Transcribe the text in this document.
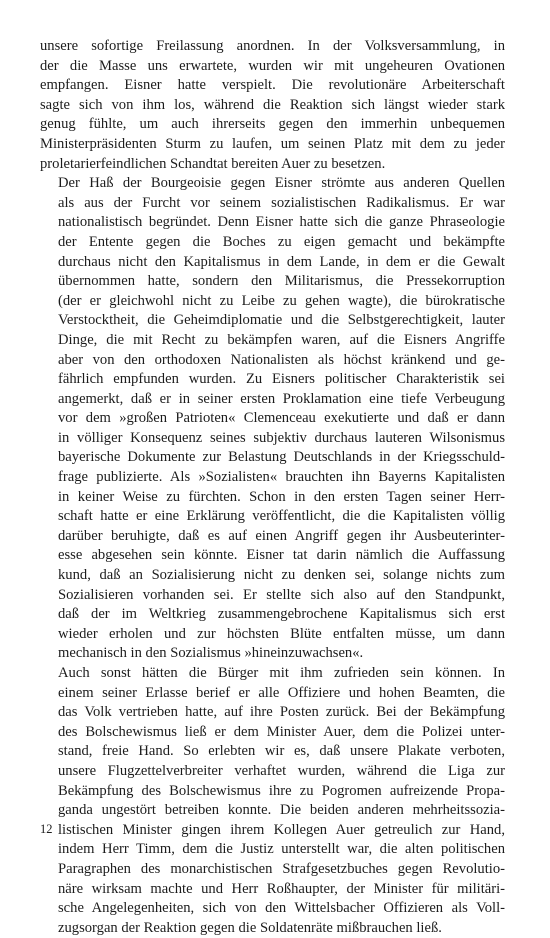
unsere sofortige Freilassung anordnen. In der Volksversammlung, in
der die Masse uns erwartete, wurden wir mit ungeheuren Ovationen
empfangen. Eisner hatte verspielt. Die revolutionäre Arbeiterschaft
sagte sich von ihm los, während die Reaktion sich längst wieder stark
genug fühlte, um auch ihrerseits gegen den immerhin unbequemen
Ministerpräsidenten Sturm zu laufen, um seinen Platz mit dem zu jeder
proletarierfeindlichen Schandtat bereiten Auer zu besetzen.

Der Haß der Bourgeoisie gegen Eisner strömte aus anderen Quellen
als aus der Furcht vor seinem sozialistischen Radikalismus. Er war
nationalistisch begründet. Denn Eisner hatte sich die ganze Phraseologie
der Entente gegen die Boches zu eigen gemacht und bekämpfte
durchaus nicht den Kapitalismus in dem Lande, in dem er die Gewalt
übernommen hatte, sondern den Militarismus, die Pressekorruption
(der er gleichwohl nicht zu Leibe zu gehen wagte), die bürokratische
Verstocktheit, die Geheimdiplomatie und die Selbstgerechtigkeit, lauter
Dinge, die mit Recht zu bekämpfen waren, auf die Eisners Angriffe
aber von den orthodoxen Nationalisten als höchst kränkend und ge-
fährlich empfunden wurden. Zu Eisners politischer Charakteristik sei
angemerkt, daß er in seiner ersten Proklamation eine tiefe Verbeugung
vor dem »großen Patrioten« Clemenceau exekutierte und daß er dann
in völliger Konsequenz seines subjektiv durchaus lauteren Wilsonismus
bayerische Dokumente zur Belastung Deutschlands in der Kriegsschuld-
frage publizierte. Als »Sozialisten« brauchten ihn Bayerns Kapitalisten
in keiner Weise zu fürchten. Schon in den ersten Tagen seiner Herr-
schaft hatte er eine Erklärung veröffentlicht, die die Kapitalisten völlig
darüber beruhigte, daß es auf einen Angriff gegen ihr Ausbeuterinter-
esse abgesehen sein könnte. Eisner tat darin nämlich die Auffassung
kund, daß an Sozialisierung nicht zu denken sei, solange nichts zum
Sozialisieren vorhanden sei. Er stellte sich also auf den Standpunkt,
daß der im Weltkrieg zusammengebrochene Kapitalismus sich erst
wieder erholen und zur höchsten Blüte entfalten müsse, um dann
mechanisch in den Sozialismus »hineinzuwachsen«.

Auch sonst hätten die Bürger mit ihm zufrieden sein können. In
einem seiner Erlasse berief er alle Offiziere und hohen Beamten, die
das Volk vertrieben hatte, auf ihre Posten zurück. Bei der Bekämpfung
des Bolschewismus ließ er dem Minister Auer, dem die Polizei unter-
stand, freie Hand. So erlebten wir es, daß unsere Plakate verboten,
unsere Flugzettelverbreiter verhaftet wurden, während die Liga zur
Bekämpfung des Bolschewismus ihre zu Pogromen aufreizende Propa-
ganda ungestört betreiben konnte. Die beiden anderen mehrheitssozia-
listischen Minister gingen ihrem Kollegen Auer getreulich zur Hand,
indem Herr Timm, dem die Justiz unterstellt war, die alten politischen
Paragraphen des monarchistischen Strafgesetzbuches gegen Revolutio-
näre wirksam machte und Herr Roßhaupter, der Minister für militäri-
sche Angelegenheiten, sich von den Wittelsbacher Offizieren als Voll-
zugsorgan der Reaktion gegen die Soldatenräte mißbrauchen ließ.

12
